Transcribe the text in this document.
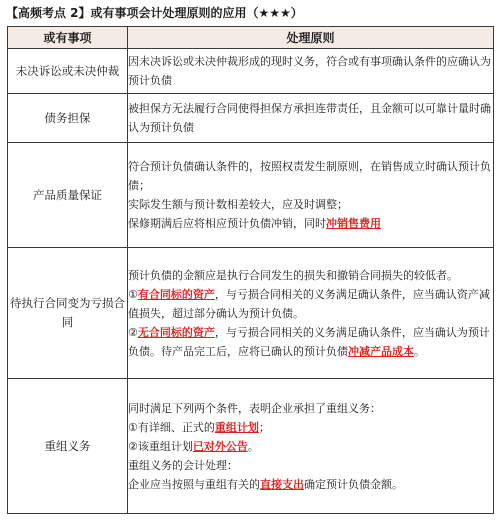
【高频考点 2】或有事项会计处理原则的应用（★★★）
或有事项	处理原则
未决诉讼或未决仲裁	因未决诉讼或未决仲裁形成的现时义务，符合或有事项确认条件的应确认为预计负债

债务担保	被担保方无法履行合同使得担保方承担连带责任，且金额可以可靠计量时确认为预计负债

产品质量保证	符合预计负债确认条件的，按照权责发生制原则，在销售成立时确认预计负债；

实际发生额与预计数相差较大，应及时调整；

保修期满后应将相应预计负债冲销，同时冲销售费用

待执行合同变为亏损合同	预计负债的金额应是执行合同发生的损失和撤销合同损失的较低者。

①有合同标的资产，与亏损合同相关的义务满足确认条件，应当确认资产减值损失，超过部分确认为预计负债。

②无合同标的资产，与亏损合同相关的义务满足确认条件，应当确认为预计负债。待产品完工后，应将已确认的预计负债冲减产品成本。

重组义务	同时满足下列两个条件，表明企业承担了重组义务：

①有详细、正式的重组计划；

②该重组计划已对外公告。

重组义务的会计处理：

企业应当按照与重组有关的直接支出确定预计负债金额。
